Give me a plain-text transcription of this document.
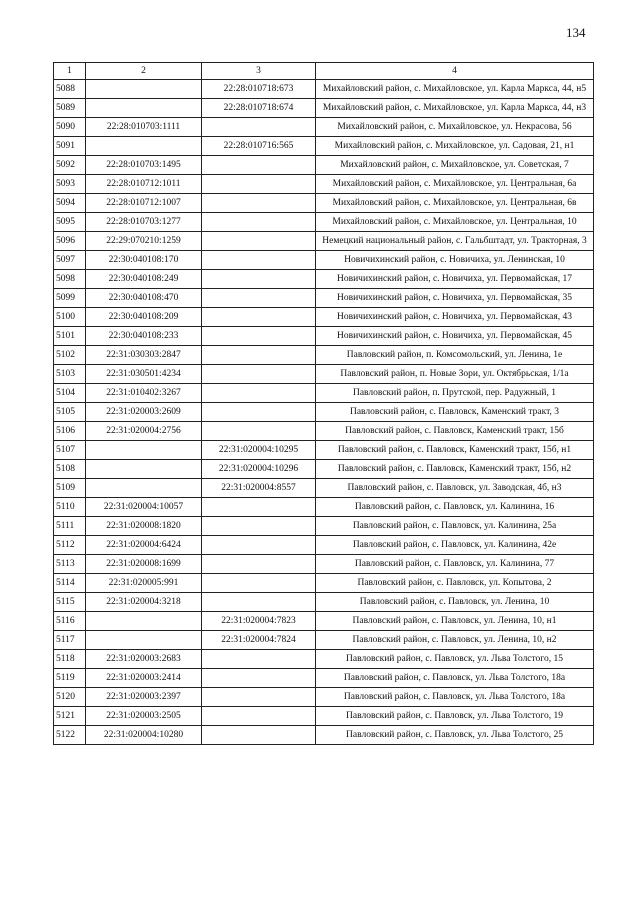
134
1	2	3	4
5088		22:28:010718:673	Михайловский район, с. Михайловское, ул. Карла Маркса, 44, н5
5089		22:28:010718:674	Михайловский район, с. Михайловское, ул. Карла Маркса, 44, н3
5090	22:28:010703:1111		Михайловский район, с. Михайловское, ул. Некрасова, 56
5091		22:28:010716:565	Михайловский район, с. Михайловское, ул. Садовая, 21, н1
5092	22:28:010703:1495		Михайловский район, с. Михайловское, ул. Советская, 7
5093	22:28:010712:1011		Михайловский район, с. Михайловское, ул. Центральная, 6а
5094	22:28:010712:1007		Михайловский район, с. Михайловское, ул. Центральная, 6в
5095	22:28:010703:1277		Михайловский район, с. Михайловское, ул. Центральная, 10
5096	22:29:070210:1259		Немецкий национальный район, с. Гальбштадт, ул. Тракторная, 3
5097	22:30:040108:170		Новичихинский район, с. Новичиха, ул. Ленинская, 10
5098	22:30:040108:249		Новичихинский район, с. Новичиха, ул. Первомайская, 17
5099	22:30:040108:470		Новичихинский район, с. Новичиха, ул. Первомайская, 35
5100	22:30:040108:209		Новичихинский район, с. Новичиха, ул. Первомайская, 43
5101	22:30:040108:233		Новичихинский район, с. Новичиха, ул. Первомайская, 45
5102	22:31:030303:2847		Павловский район, п. Комсомольский, ул. Ленина, 1е
5103	22:31:030501:4234		Павловский район, п. Новые Зори, ул. Октябрьская, 1/1а
5104	22:31:010402:3267		Павловский район, п. Прутской, пер. Радужный, 1
5105	22:31:020003:2609		Павловский район, с. Павловск, Каменский тракт, 3
5106	22:31:020004:2756		Павловский район, с. Павловск, Каменский тракт, 15б
5107		22:31:020004:10295	Павловский район, с. Павловск, Каменский тракт, 15б, н1
5108		22:31:020004:10296	Павловский район, с. Павловск, Каменский тракт, 15б, н2
5109		22:31:020004:8557	Павловский район, с. Павловск, ул. Заводская, 4б, н3
5110	22:31:020004:10057		Павловский район, с. Павловск, ул. Калинина, 16
5111	22:31:020008:1820		Павловский район, с. Павловск, ул. Калинина, 25а
5112	22:31:020004:6424		Павловский район, с. Павловск, ул. Калинина, 42е
5113	22:31:020008:1699		Павловский район, с. Павловск, ул. Калинина, 77
5114	22:31:020005:991		Павловский район, с. Павловск, ул. Копытова, 2
5115	22:31:020004:3218		Павловский район, с. Павловск, ул. Ленина, 10
5116		22:31:020004:7823	Павловский район, с. Павловск, ул. Ленина, 10, н1
5117		22:31:020004:7824	Павловский район, с. Павловск, ул. Ленина, 10, н2
5118	22:31:020003:2683		Павловский район, с. Павловск, ул. Льва Толстого, 15
5119	22:31:020003:2414		Павловский район, с. Павловск, ул. Льва Толстого, 18а
5120	22:31:020003:2397		Павловский район, с. Павловск, ул. Льва Толстого, 18а
5121	22:31:020003:2505		Павловский район, с. Павловск, ул. Льва Толстого, 19
5122	22:31:020004:10280		Павловский район, с. Павловск, ул. Льва Толстого, 25
